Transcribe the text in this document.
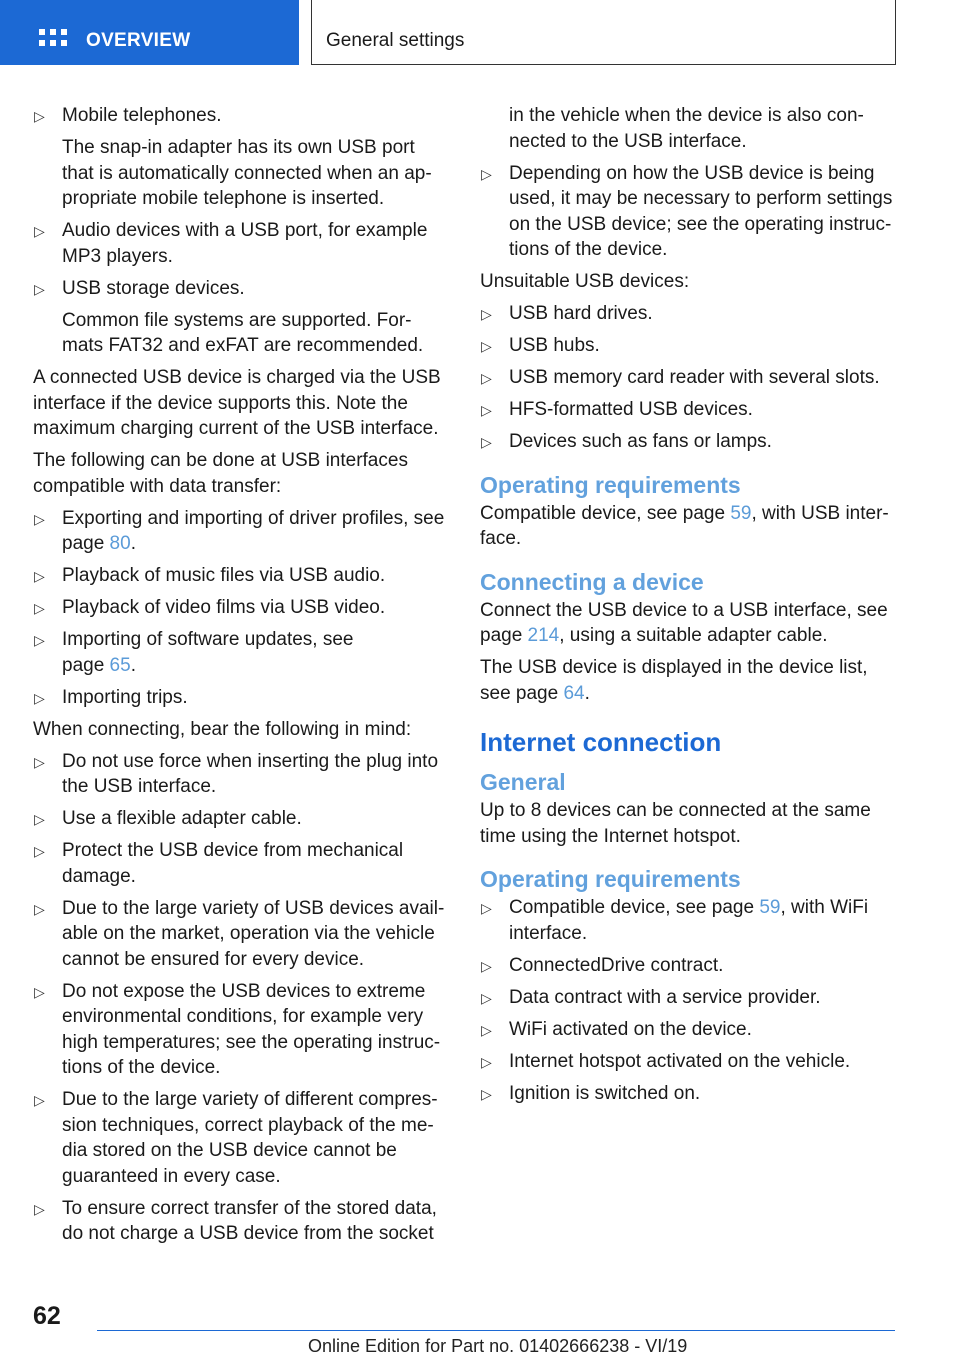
OVERVIEW	General settings
▷
Mobile telephones.
The snap-in adapter has its own USB port that is automatically connected when an ap‐ propriate mobile telephone is inserted.
▷
Audio devices with a USB port, for example MP3 players.
▷
USB storage devices.
Common file systems are supported. For‐ mats FAT32 and exFAT are recommended.
A connected USB device is charged via the USB interface if the device supports this. Note the maximum charging current of the USB interface.
The following can be done at USB interfaces compatible with data transfer:
▷
Exporting and importing of driver profiles, see page 80.
▷
Playback of music files via USB audio.
▷
Playback of video films via USB video.
▷
Importing of software updates, see page 65.
▷
Importing trips.
When connecting, bear the following in mind:
▷
Do not use force when inserting the plug into the USB interface.
▷
Use a flexible adapter cable.
▷
Protect the USB device from mechanical damage.
▷
Due to the large variety of USB devices avail‐ able on the market, operation via the vehicle cannot be ensured for every device.
▷
Do not expose the USB devices to extreme environmental conditions, for example very high temperatures; see the operating instruc‐ tions of the device.
▷
Due to the large variety of different compres‐ sion techniques, correct playback of the me‐ dia stored on the USB device cannot be guaranteed in every case.
▷
To ensure correct transfer of the stored data, do not charge a USB device from the socket
in the vehicle when the device is also con‐ nected to the USB interface.
▷
Depending on how the USB device is being used, it may be necessary to perform settings on the USB device; see the operating instruc‐ tions of the device.
Unsuitable USB devices:
▷
USB hard drives.
▷
USB hubs.
▷
USB memory card reader with several slots.
▷
HFS-formatted USB devices.
▷
Devices such as fans or lamps.
Operating requirements
Compatible device, see page 59, with USB inter‐ face.
Connecting a device
Connect the USB device to a USB interface, see page 214, using a suitable adapter cable.
The USB device is displayed in the device list, see page 64.
Internet connection
General
Up to 8 devices can be connected at the same time using the Internet hotspot.
Operating requirements
▷
Compatible device, see page 59, with WiFi interface.
▷
ConnectedDrive contract.
▷
Data contract with a service provider.
▷
WiFi activated on the device.
▷
Internet hotspot activated on the vehicle.
▷
Ignition is switched on.
62
Online Edition for Part no. 01402666238 - VI/19
